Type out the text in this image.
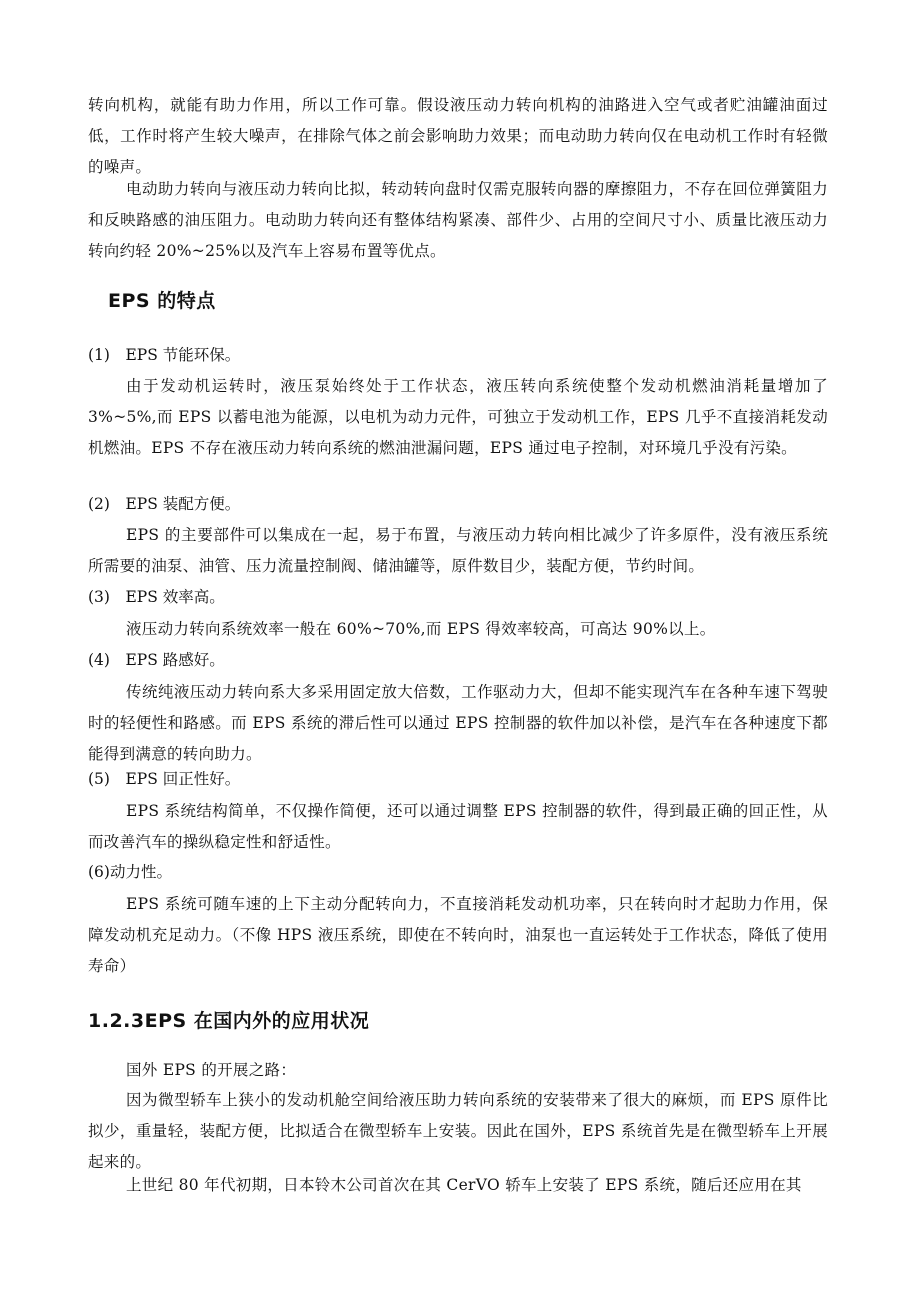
转向机构，就能有助力作用，所以工作可靠。假设液压动力转向机构的油路进入空气或者贮油罐油面过低，工作时将产生较大噪声，在排除气体之前会影响助力效果；而电动助力转向仅在电动机工作时有轻微的噪声。

电动助力转向与液压动力转向比拟，转动转向盘时仅需克服转向器的摩擦阻力，不存在回位弹簧阻力和反映路感的油压阻力。电动助力转向还有整体结构紧凑、部件少、占用的空间尺寸小、质量比液压动力转向约轻 20%~25%以及汽车上容易布置等优点。

EPS 的特点

(1)　EPS 节能环保。

由于发动机运转时，液压泵始终处于工作状态，液压转向系统使整个发动机燃油消耗量增加了 3%~5%,而 EPS 以蓄电池为能源，以电机为动力元件，可独立于发动机工作，EPS 几乎不直接消耗发动机燃油。EPS 不存在液压动力转向系统的燃油泄漏问题，EPS 通过电子控制，对环境几乎没有污染。

(2)　EPS 装配方便。

EPS 的主要部件可以集成在一起，易于布置，与液压动力转向相比减少了许多原件，没有液压系统所需要的油泵、油管、压力流量控制阀、储油罐等，原件数目少，装配方便，节约时间。

(3)　EPS 效率高。

液压动力转向系统效率一般在 60%~70%,而 EPS 得效率较高，可高达 90%以上。

(4)　EPS 路感好。

传统纯液压动力转向系大多采用固定放大倍数，工作驱动力大，但却不能实现汽车在各种车速下驾驶时的轻便性和路感。而 EPS 系统的滞后性可以通过 EPS 控制器的软件加以补偿，是汽车在各种速度下都能得到满意的转向助力。

(5)　EPS 回正性好。

EPS 系统结构简单，不仅操作简便，还可以通过调整 EPS 控制器的软件，得到最正确的回正性，从而改善汽车的操纵稳定性和舒适性。

(6)动力性。

EPS 系统可随车速的上下主动分配转向力，不直接消耗发动机功率，只在转向时才起助力作用，保障发动机充足动力。（不像 HPS 液压系统，即使在不转向时，油泵也一直运转处于工作状态，降低了使用寿命）

1.2.3EPS 在国内外的应用状况

国外 EPS 的开展之路：

因为微型轿车上狭小的发动机舱空间给液压助力转向系统的安装带来了很大的麻烦，而 EPS 原件比拟少，重量轻，装配方便，比拟适合在微型轿车上安装。因此在国外，EPS 系统首先是在微型轿车上开展起来的。

上世纪 80 年代初期，日本铃木公司首次在其 CerVO 轿车上安装了 EPS 系统，随后还应用在其
